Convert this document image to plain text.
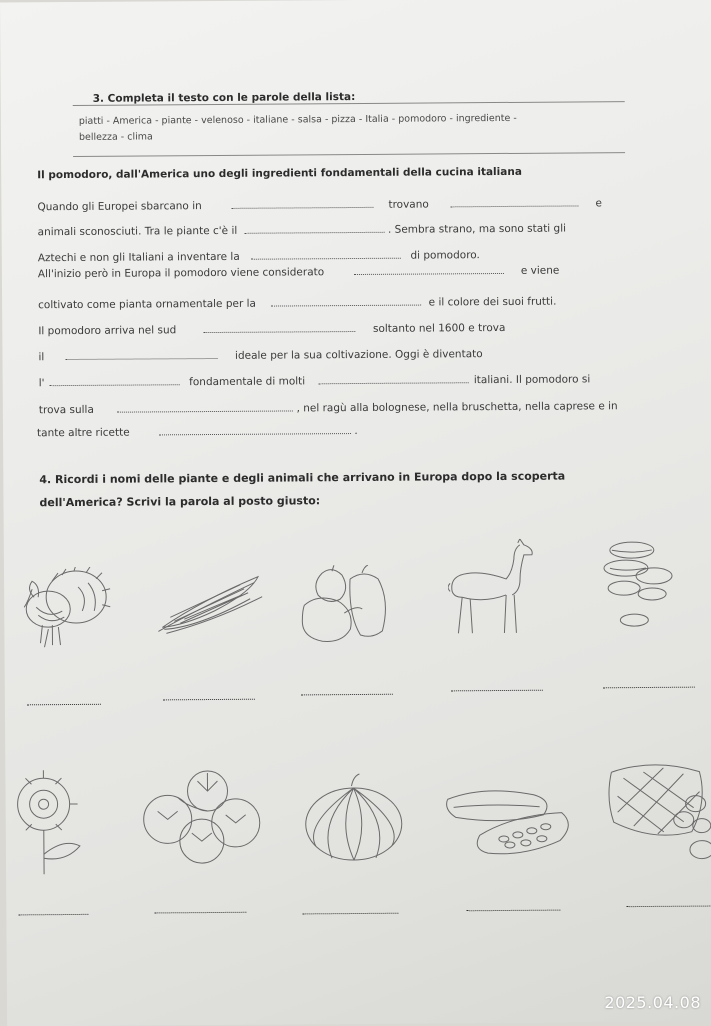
3. Completa il testo con le parole della lista:
piatti - America - piante - velenoso - italiane - salsa - pizza - Italia - pomodoro - ingrediente -
bellezza - clima
Il pomodoro, dall'America uno degli ingredienti fondamentali della cucina italiana
Quando gli Europei sbarcano in	trovano	e
animali sconosciuti. Tra le piante c'è il	. Sembra strano, ma sono stati gli
Aztechi e non gli Italiani a inventare la	di pomodoro.
All'inizio però in Europa il pomodoro viene considerato	e viene
coltivato come pianta ornamentale per la	e il colore dei suoi frutti.
Il pomodoro arriva nel sud	soltanto nel 1600 e trova
il	ideale per la sua coltivazione. Oggi è diventato
l'	fondamentale di molti	italiani. Il pomodoro si
trova sulla	, nel ragù alla bolognese, nella bruschetta, nella caprese e in
tante altre ricette	.
4. Ricordi i nomi delle piante e degli animali che arrivano in Europa dopo la scoperta
dell'America? Scrivi la parola al posto giusto:
2025.04.08
